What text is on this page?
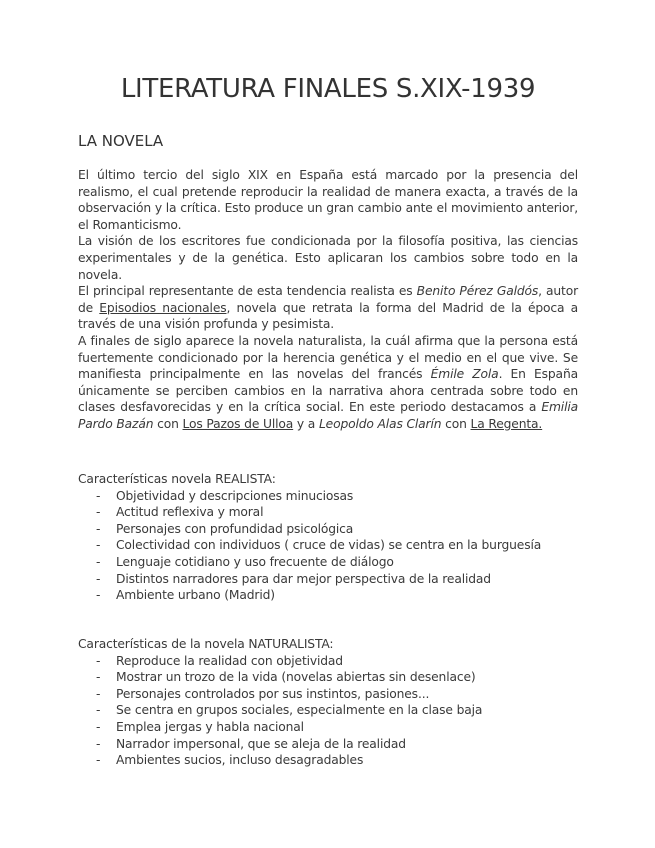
LITERATURA FINALES S.XIX-1939
LA NOVELA

El último tercio del siglo XIX en España está marcado por la presencia del realismo, el cual pretende reproducir la realidad de manera exacta, a través de la observación y la crítica. Esto produce un gran cambio ante el movimiento anterior, el Romanticismo.

La visión de los escritores fue condicionada por la filosofía positiva, las ciencias experimentales y de la genética. Esto aplicaran los cambios sobre todo en la novela.

El principal representante de esta tendencia realista es Benito Pérez Galdós, autor de Episodios nacionales, novela que retrata la forma del Madrid de la época a través de una visión profunda y pesimista.

A finales de siglo aparece la novela naturalista, la cuál afirma que la persona está fuertemente condicionado por la herencia genética y el medio en el que vive. Se manifiesta principalmente en las novelas del francés Émile Zola. En España únicamente se perciben cambios en la narrativa ahora centrada sobre todo en clases desfavorecidas y en la crítica social. En este periodo destacamos a Emilia Pardo Bazán con Los Pazos de Ulloa y a Leopoldo Alas Clarín con La Regenta.

Características novela REALISTA:

- Objetividad y descripciones minuciosas
- Actitud reflexiva y moral
- Personajes con profundidad psicológica
- Colectividad con individuos ( cruce de vidas) se centra en la burguesía
- Lenguaje cotidiano y uso frecuente de diálogo
- Distintos narradores para dar mejor perspectiva de la realidad
- Ambiente urbano (Madrid)

Características de la novela NATURALISTA:

- Reproduce la realidad con objetividad
- Mostrar un trozo de la vida (novelas abiertas sin desenlace)
- Personajes controlados por sus instintos, pasiones...
- Se centra en grupos sociales, especialmente en la clase baja
- Emplea jergas y habla nacional
- Narrador impersonal, que se aleja de la realidad
- Ambientes sucios, incluso desagradables
